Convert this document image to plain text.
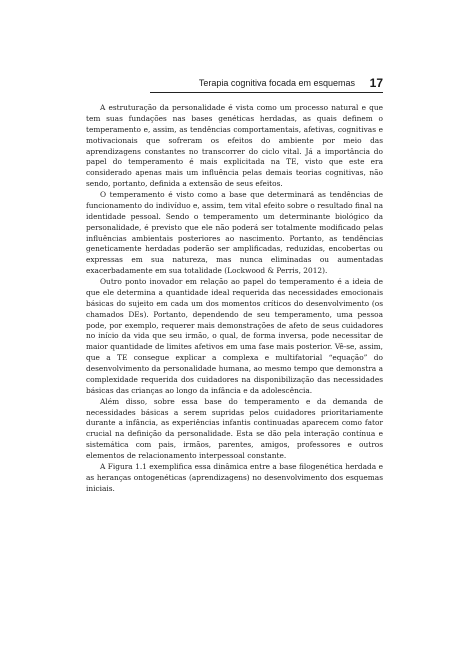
Terapia cognitiva focada em esquemas 17

A estruturação da personalidade é vista como um processo natural e que tem suas fundações nas bases genéticas herdadas, as quais definem o temperamento e, assim, as tendências comportamentais, afetivas, cognitivas e motivacionais que sofreram os efeitos do ambiente por meio das aprendizagens constantes no transcorrer do ciclo vital. Já a importância do papel do temperamento é mais explicitada na TE, visto que este era considerado apenas mais um influência pelas demais teorias cognitivas, não sendo, portanto, definida a extensão de seus efeitos.

O temperamento é visto como a base que determinará as tendências de funcionamento do indivíduo e, assim, tem vital efeito sobre o resultado final na identidade pessoal. Sendo o temperamento um determinante biológico da personalidade, é previsto que ele não poderá ser totalmente modificado pelas influências ambientais posteriores ao nascimento. Portanto, as tendências geneticamente herdadas poderão ser amplificadas, reduzidas, encobertas ou expressas em sua natureza, mas nunca eliminadas ou aumentadas exacerbadamente em sua totalidade (Lockwood & Perris, 2012).

Outro ponto inovador em relação ao papel do temperamento é a ideia de que ele determina a quantidade ideal requerida das necessidades emocionais básicas do sujeito em cada um dos momentos críticos do desenvolvimento (os chamados DEs). Portanto, dependendo de seu temperamento, uma pessoa pode, por exemplo, requerer mais demonstrações de afeto de seus cuidadores no início da vida que seu irmão, o qual, de forma inversa, pode necessitar de maior quantidade de limites afetivos em uma fase mais posterior. Vê-se, assim, que a TE consegue explicar a complexa e multifatorial “equação” do desenvolvimento da personalidade humana, ao mesmo tempo que demonstra a complexidade requerida dos cuidadores na disponibilização das necessidades básicas das crianças ao longo da infância e da adolescência.

Além disso, sobre essa base do temperamento e da demanda de necessidades básicas a serem supridas pelos cuidadores prioritariamente durante a infância, as experiências infantis continuadas aparecem como fator crucial na definição da personalidade. Esta se dão pela interação contínua e sistemática com pais, irmãos, parentes, amigos, professores e outros elementos de relacionamento interpessoal constante.

A Figura 1.1 exemplifica essa dinâmica entre a base filogenética herdada e as heranças ontogenéticas (aprendizagens) no desenvolvimento dos esquemas iniciais.
